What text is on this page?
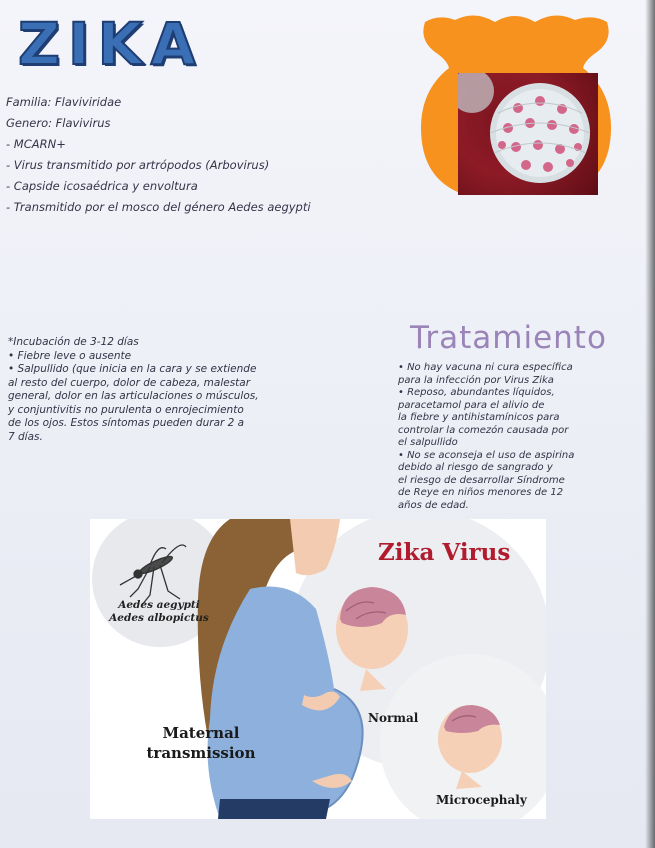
ZIKA
Familia: Flaviviridae
Genero: Flavivirus
- MCARN+
- Virus transmitido por artrópodos (Arbovirus)
- Capside icosaédrica y envoltura
- Transmitido por el mosco del género Aedes aegypti
*Incubación de 3-12 días
• Fiebre leve o ausente
• Salpullido (que inicia en la cara y se extiende
al resto del cuerpo, dolor de cabeza, malestar
general, dolor en las articulaciones o músculos,
y conjuntivitis no purulenta o enrojecimiento
de los ojos. Estos síntomas pueden durar 2 a
7 días.
Tratamiento
• No hay vacuna ni cura específica
para la infección por Virus Zika
• Reposo, abundantes líquidos,
paracetamol para el alivio de
la fiebre y antihistamínicos para
controlar la comezón causada por
el salpullido
• No se aconseja el uso de aspirina
debido al riesgo de sangrado y
el riesgo de desarrollar Síndrome
de Reye en niños menores de 12
años de edad.
Zika Virus
Aedes aegypti
Aedes albopictus
Maternal
transmission
Normal
Microcephaly
